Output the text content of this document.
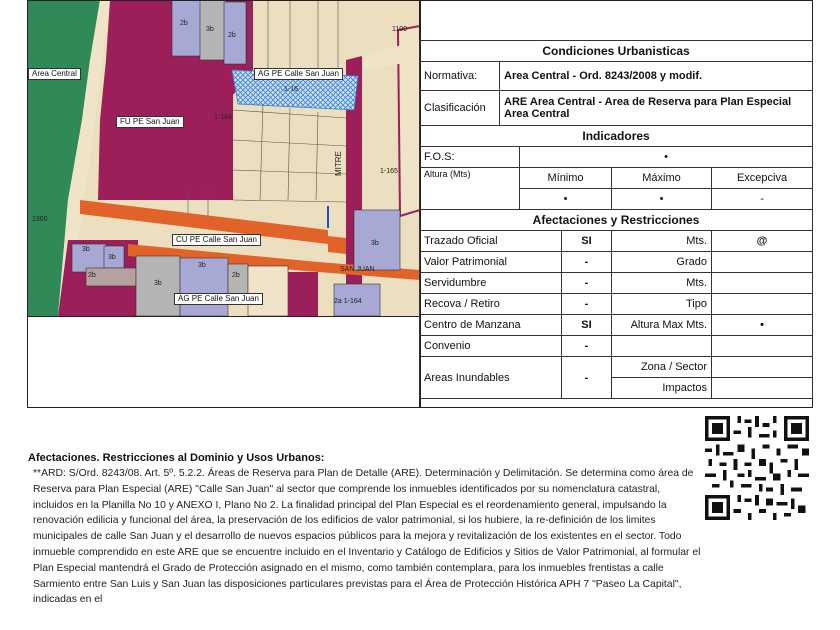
Area Central	AG PE Calle San Juan
FU PE San Juan
CU PE Calle San Juan
AG PE Calle San Juan
2b
3b
2b
1100
1-16
1-164
1-165
MITRE
1300
3b
3b
2b
3b
3b
2b
3b
2a 1-164
SAN JUAN
Condiciones Urbanisticas					
Normativa:	Area Central - Ord. 8243/2008 y modif.				
Clasificación	ARE Area Central - Area de Reserva para Plan Especial Area Central				
Indicadores					
F.O.S:		•			
Altura (Mts)		Mínimo		Máximo	Excepciva
		•		•	-
Afectaciones y Restricciones					
Trazado Oficial			SI	Mts.	@
Valor Patrimonial			-	Grado	
Servidumbre			-	Mts.	
Recova / Retiro			-	Tipo	
Centro de Manzana			SI	Altura Max Mts.	•
Convenio			-		
Areas Inundables			-	Zona / Sector	
				Impactos	
Afectaciones. Restricciones al Dominio y Usos Urbanos:
**ARD: S/Ord. 8243/08. Art. 5º. 5.2.2. Áreas de Reserva para Plan de Detalle (ARE). Determinación y Delimitación. Se determina como área de Reserva para Plan Especial (ARE) "Calle San Juan" al sector que comprende los inmuebles identificados por su nomenclatura catastral, incluidos en la Planilla No 10 y ANEXO I, Plano No 2. La finalidad principal del Plan Especial es el reordenamiento general, impulsando la renovación edilicia y funcional del área, la preservación de los edificios de valor patrimonial, si los hubiere, la re-definición de los limites municipales de calle San Juan y el desarrollo de nuevos espacios públicos para la mejora y revitalización de los existentes en el sector. Todo inmueble comprendido en este ARE que se encuentre incluido en el Inventario y Catálogo de Edificios y Sitios de Valor Patrimonial, al formular el Plan Especial mantendrá el Grado de Protección asignado en el mismo, como también contemplara, para los inmuebles frentistas a calle Sarmiento entre San Luis y San Juan las disposiciones particulares previstas para el Área de Protección Histórica APH 7 "Paseo La Capital", indicadas en el
